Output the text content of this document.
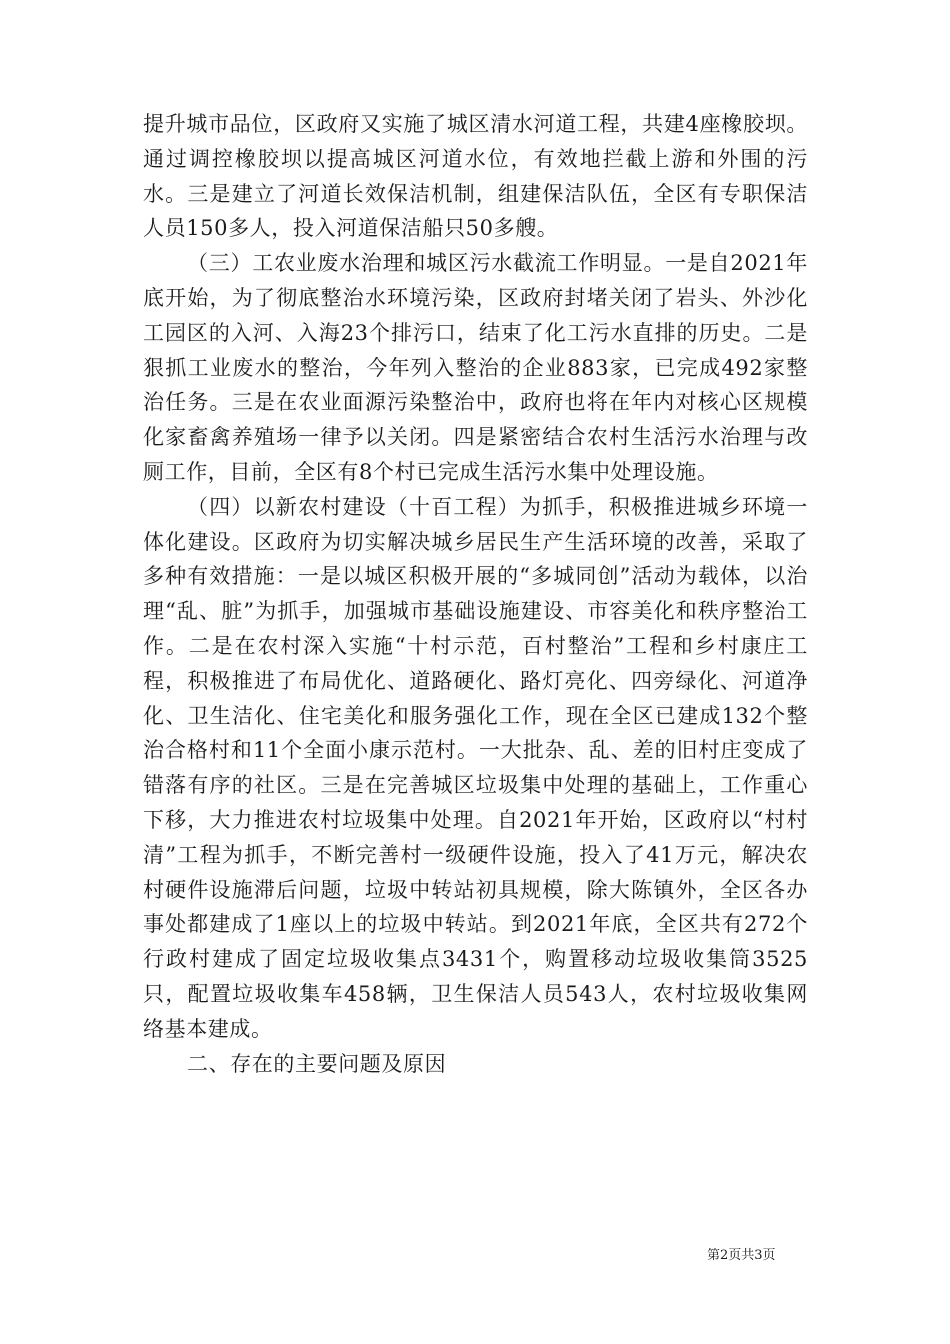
提升城市品位，区政府又实施了城区清水河道工程，共建4座橡胶坝。通过调控橡胶坝以提高城区河道水位，有效地拦截上游和外围的污水。三是建立了河道长效保洁机制，组建保洁队伍，全区有专职保洁人员150多人，投入河道保洁船只50多艘。

（三）工农业废水治理和城区污水截流工作明显。一是自2021年底开始，为了彻底整治水环境污染，区政府封堵关闭了岩头、外沙化工园区的入河、入海23个排污口，结束了化工污水直排的历史。二是狠抓工业废水的整治，今年列入整治的企业883家，已完成492家整治任务。三是在农业面源污染整治中，政府也将在年内对核心区规模化家畜禽养殖场一律予以关闭。四是紧密结合农村生活污水治理与改厕工作，目前，全区有8个村已完成生活污水集中处理设施。

（四）以新农村建设（十百工程）为抓手，积极推进城乡环境一体化建设。区政府为切实解决城乡居民生产生活环境的改善，采取了多种有效措施：一是以城区积极开展的“多城同创”活动为载体，以治理“乱、脏”为抓手，加强城市基础设施建设、市容美化和秩序整治工作。二是在农村深入实施“十村示范，百村整治”工程和乡村康庄工程，积极推进了布局优化、道路硬化、路灯亮化、四旁绿化、河道净化、卫生洁化、住宅美化和服务强化工作，现在全区已建成132个整治合格村和11个全面小康示范村。一大批杂、乱、差的旧村庄变成了错落有序的社区。三是在完善城区垃圾集中处理的基础上，工作重心下移，大力推进农村垃圾集中处理。自2021年开始，区政府以“村村清”工程为抓手，不断完善村一级硬件设施，投入了41万元，解决农村硬件设施滞后问题，垃圾中转站初具规模，除大陈镇外，全区各办事处都建成了1座以上的垃圾中转站。到2021年底，全区共有272个行政村建成了固定垃圾收集点3431个，购置移动垃圾收集筒3525只，配置垃圾收集车458辆，卫生保洁人员543人，农村垃圾收集网络基本建成。

二、存在的主要问题及原因

第2页共3页
